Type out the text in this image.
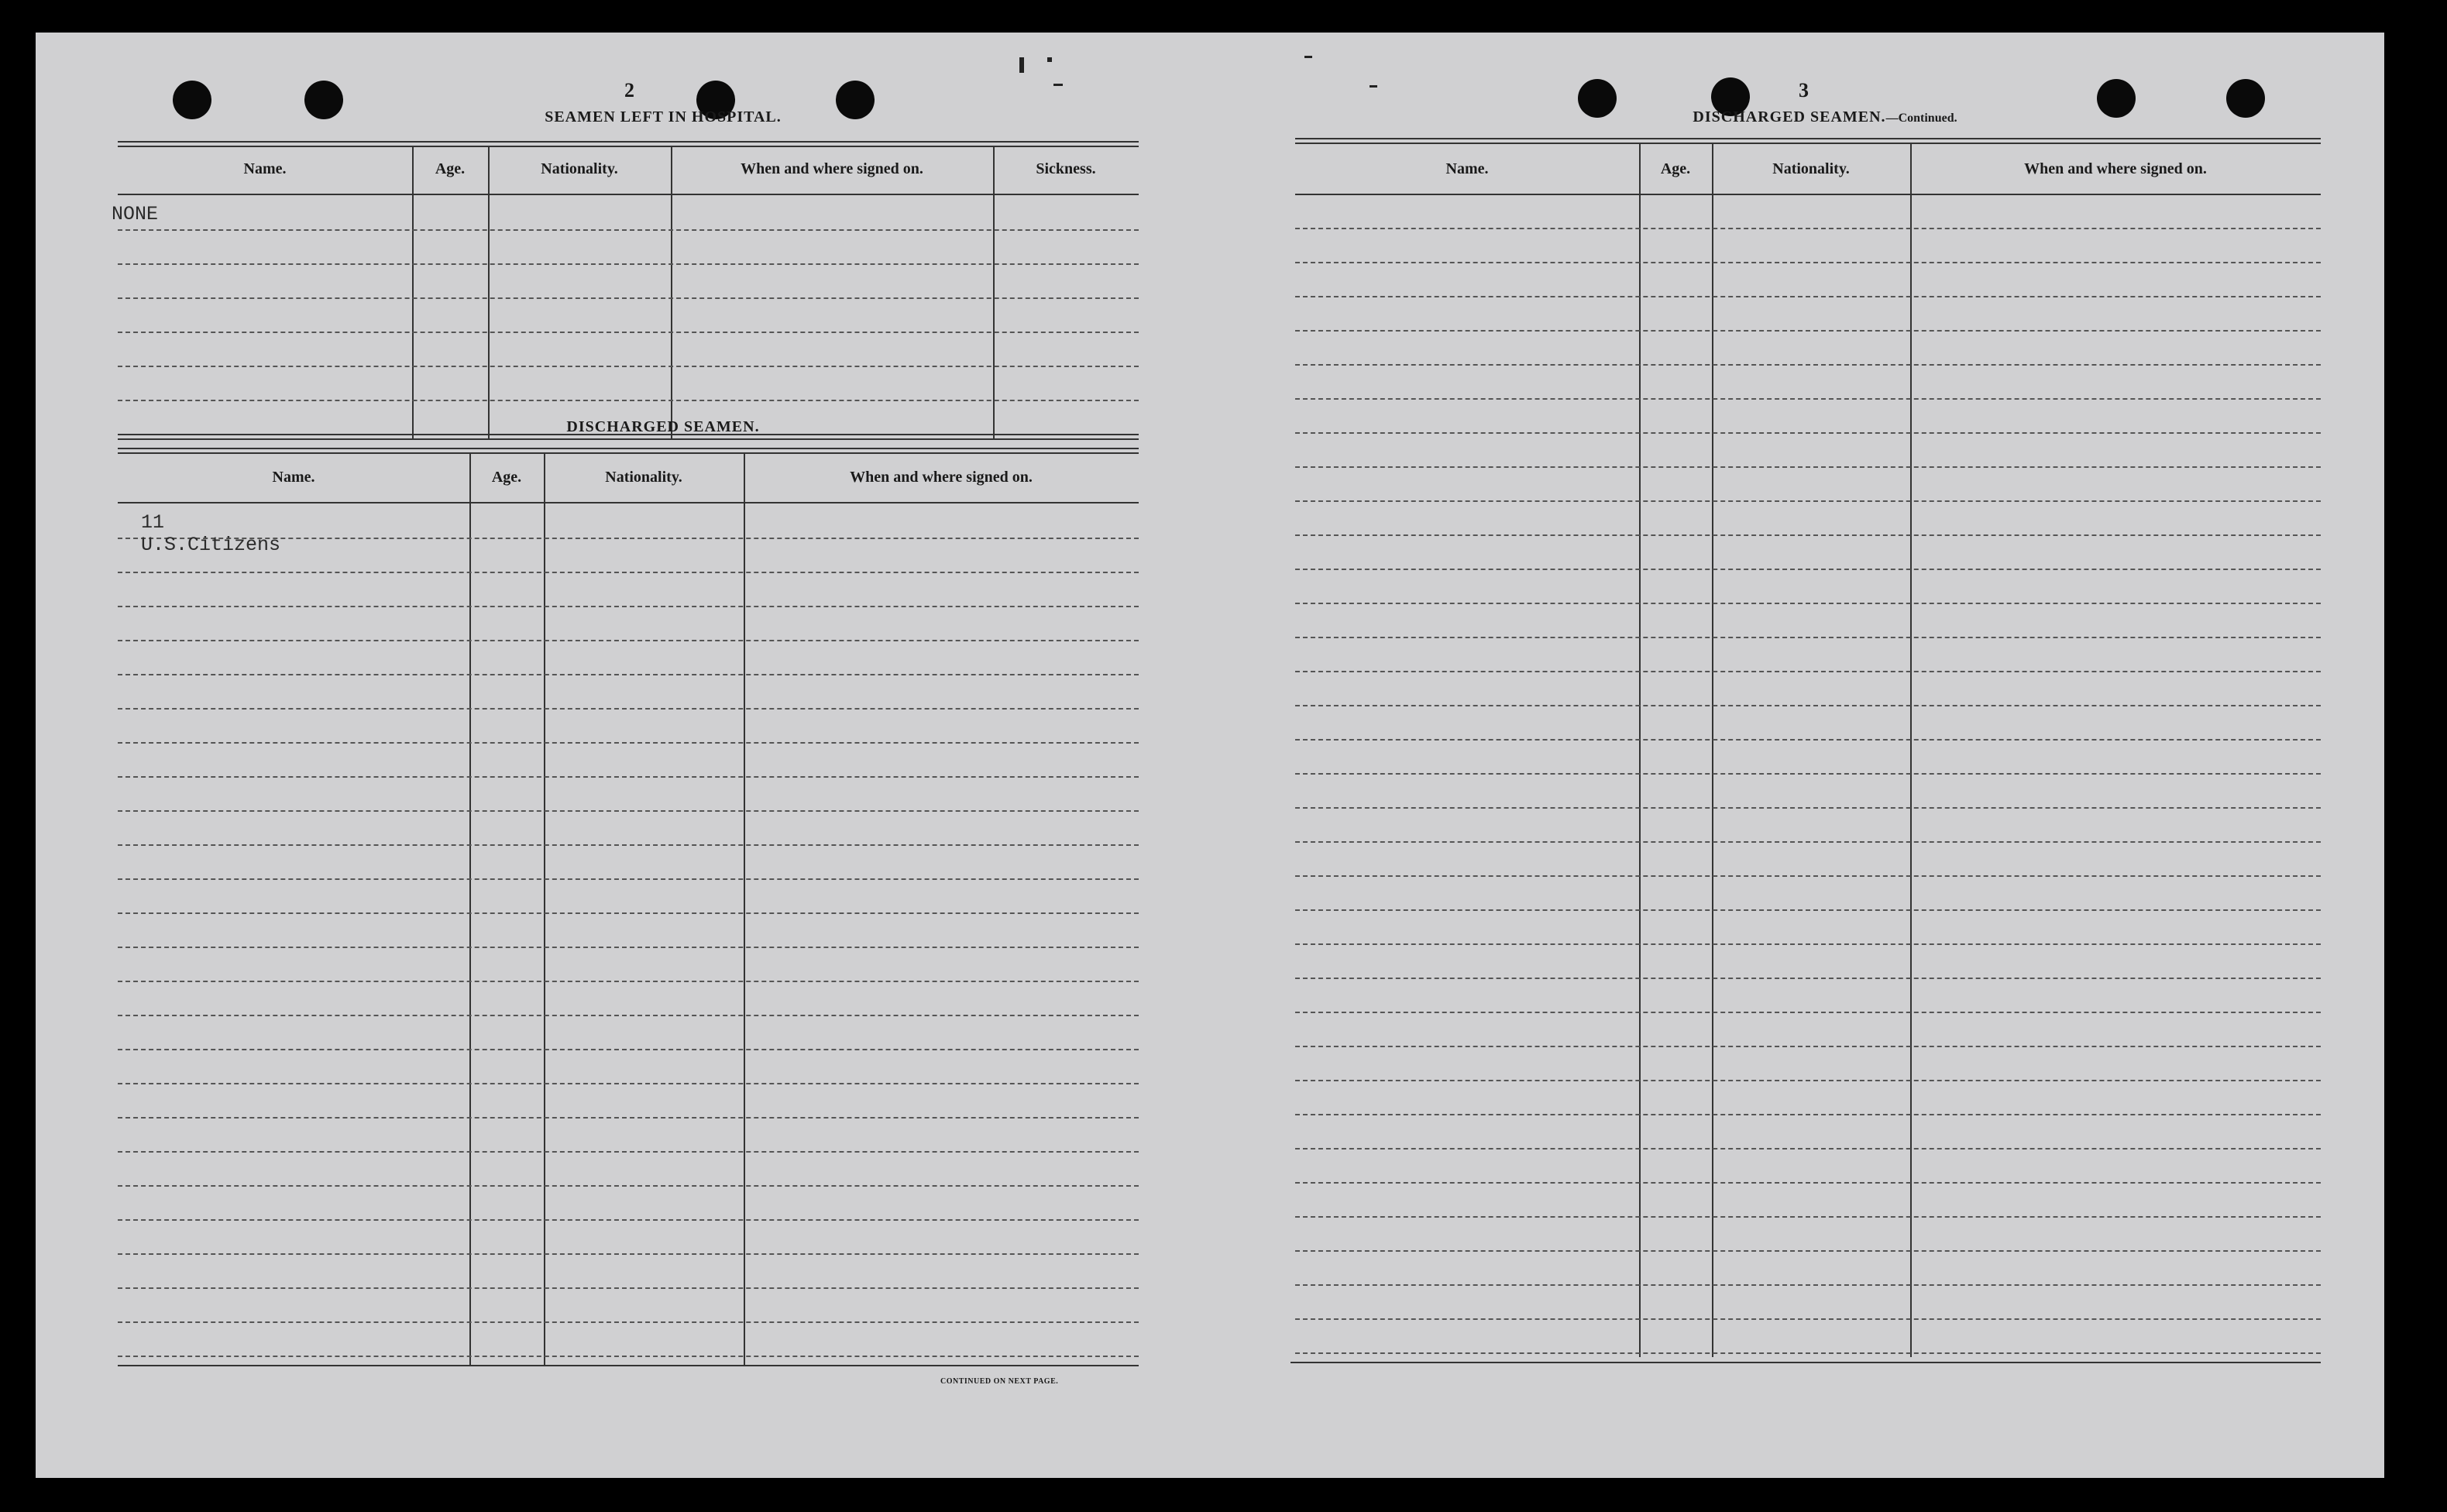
2
SEAMEN LEFT IN HOSPITAL.
Name.	Age.	Nationality.	When and where signed on.	Sickness.
NONE
DISCHARGED SEAMEN.
Name.	Age.	Nationality.	When and where signed on.
11 U.S.Citizens
CONTINUED ON NEXT PAGE.
3
DISCHARGED SEAMEN.—Continued.
Name.	Age.	Nationality.	When and where signed on.
